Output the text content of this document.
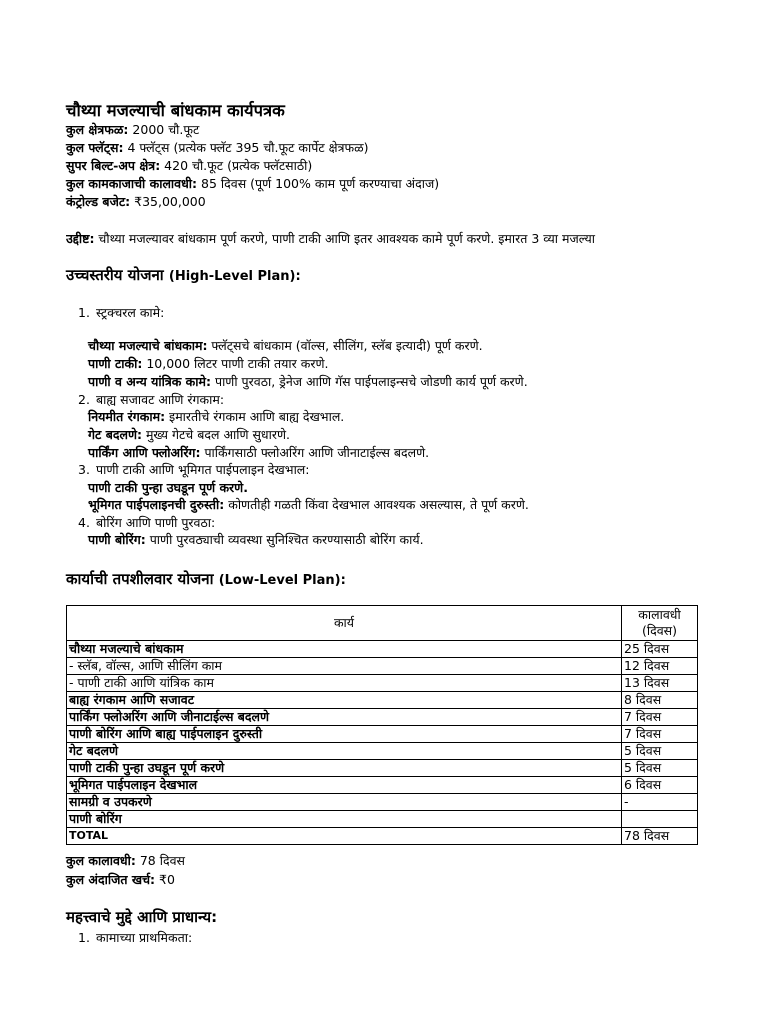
चौथ्या मजल्याची बांधकाम कार्यपत्रक
कुल क्षेत्रफळ: 2000 चौ.फूट
कुल फ्लॅट्स: 4 फ्लॅट्स (प्रत्येक फ्लॅट 395 चौ.फूट कार्पेट क्षेत्रफळ)
सुपर बिल्ट-अप क्षेत्र: 420 चौ.फूट (प्रत्येक फ्लॅटसाठी)
कुल कामकाजाची कालावधी: 85 दिवस (पूर्ण 100% काम पूर्ण करण्याचा अंदाज)
कंट्रोल्ड बजेट: ₹35,00,000
उद्दीष्ट: चौथ्या मजल्यावर बांधकाम पूर्ण करणे, पाणी टाकी आणि इतर आवश्यक कामे पूर्ण करणे. इमारत 3 व्या मजल्या
उच्चस्तरीय योजना (High-Level Plan):
1. स्ट्रक्चरल कामे:
चौथ्या मजल्याचे बांधकाम: फ्लॅट्सचे बांधकाम (वॉल्स, सीलिंग, स्लॅब इत्यादी) पूर्ण करणे.
पाणी टाकी: 10,000 लिटर पाणी टाकी तयार करणे.
पाणी व अन्य यांत्रिक कामे: पाणी पुरवठा, ड्रेनेज आणि गॅस पाईपलाइन्सचे जोडणी कार्य पूर्ण करणे.
2. बाह्य सजावट आणि रंगकाम:
नियमीत रंगकाम: इमारतीचे रंगकाम आणि बाह्य देखभाल.
गेट बदलणे: मुख्य गेटचे बदल आणि सुधारणे.
पार्किंग आणि फ्लोअरिंग: पार्किंगसाठी फ्लोअरिंग आणि जीनाटाईल्स बदलणे.
3. पाणी टाकी आणि भूमिगत पाईपलाइन देखभाल:
पाणी टाकी पुन्हा उघडून पूर्ण करणे.
भूमिगत पाईपलाइनची दुरुस्ती: कोणतीही गळती किंवा देखभाल आवश्यक असल्यास, ते पूर्ण करणे.
4. बोरिंग आणि पाणी पुरवठा:
पाणी बोरिंग: पाणी पुरवठ्याची व्यवस्था सुनिश्चित करण्यासाठी बोरिंग कार्य.
कार्याची तपशीलवार योजना (Low-Level Plan):
कार्य	कालावधी
(दिवस)
चौथ्या मजल्याचे बांधकाम	25 दिवस
- स्लॅब, वॉल्स, आणि सीलिंग काम	12 दिवस
- पाणी टाकी आणि यांत्रिक काम	13 दिवस
बाह्य रंगकाम आणि सजावट	8 दिवस
पार्किंग फ्लोअरिंग आणि जीनाटाईल्स बदलणे	7 दिवस
पाणी बोरिंग आणि बाह्य पाईपलाइन दुरुस्ती	7 दिवस
गेट बदलणे	5 दिवस
पाणी टाकी पुन्हा उघडून पूर्ण करणे	5 दिवस
भूमिगत पाईपलाइन देखभाल	6 दिवस
सामग्री व उपकरणे	-
पाणी बोरिंग	
TOTAL	78 दिवस
कुल कालावधी: 78 दिवस
कुल अंदाजित खर्च: ₹0
महत्त्वाचे मुद्दे आणि प्राधान्य:
1. कामाच्या प्राथमिकता:
